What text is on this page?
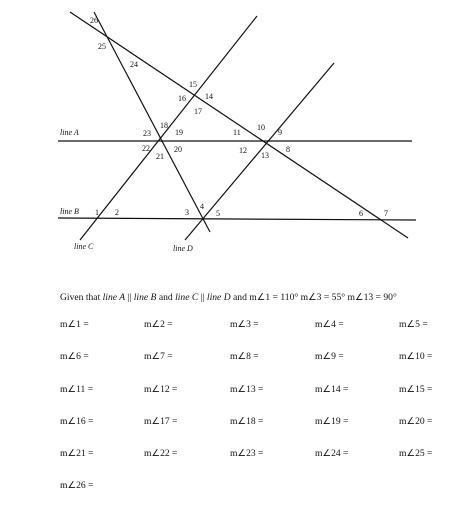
line A
line B
line C	line D
1 2	3
4
5	6	7
8
9
10
11
12
13
14
15
16
17
18
19
20
21
22
23
24
25
26
Given that line A || line B and line C || line D and m∠1 = 110° m∠3 = 55° m∠13 = 90°
m∠1 =	m∠2 =	m∠3 =	m∠4 =	m∠5 =
m∠6 =	m∠7 =	m∠8 =	m∠9 =	m∠10 =
m∠11 =	m∠12 =	m∠13 =	m∠14 =	m∠15 =
m∠16 =	m∠17 =	m∠18 =	m∠19 =	m∠20 =
m∠21 =	m∠22 =	m∠23 =	m∠24 =	m∠25 =
m∠26 =
